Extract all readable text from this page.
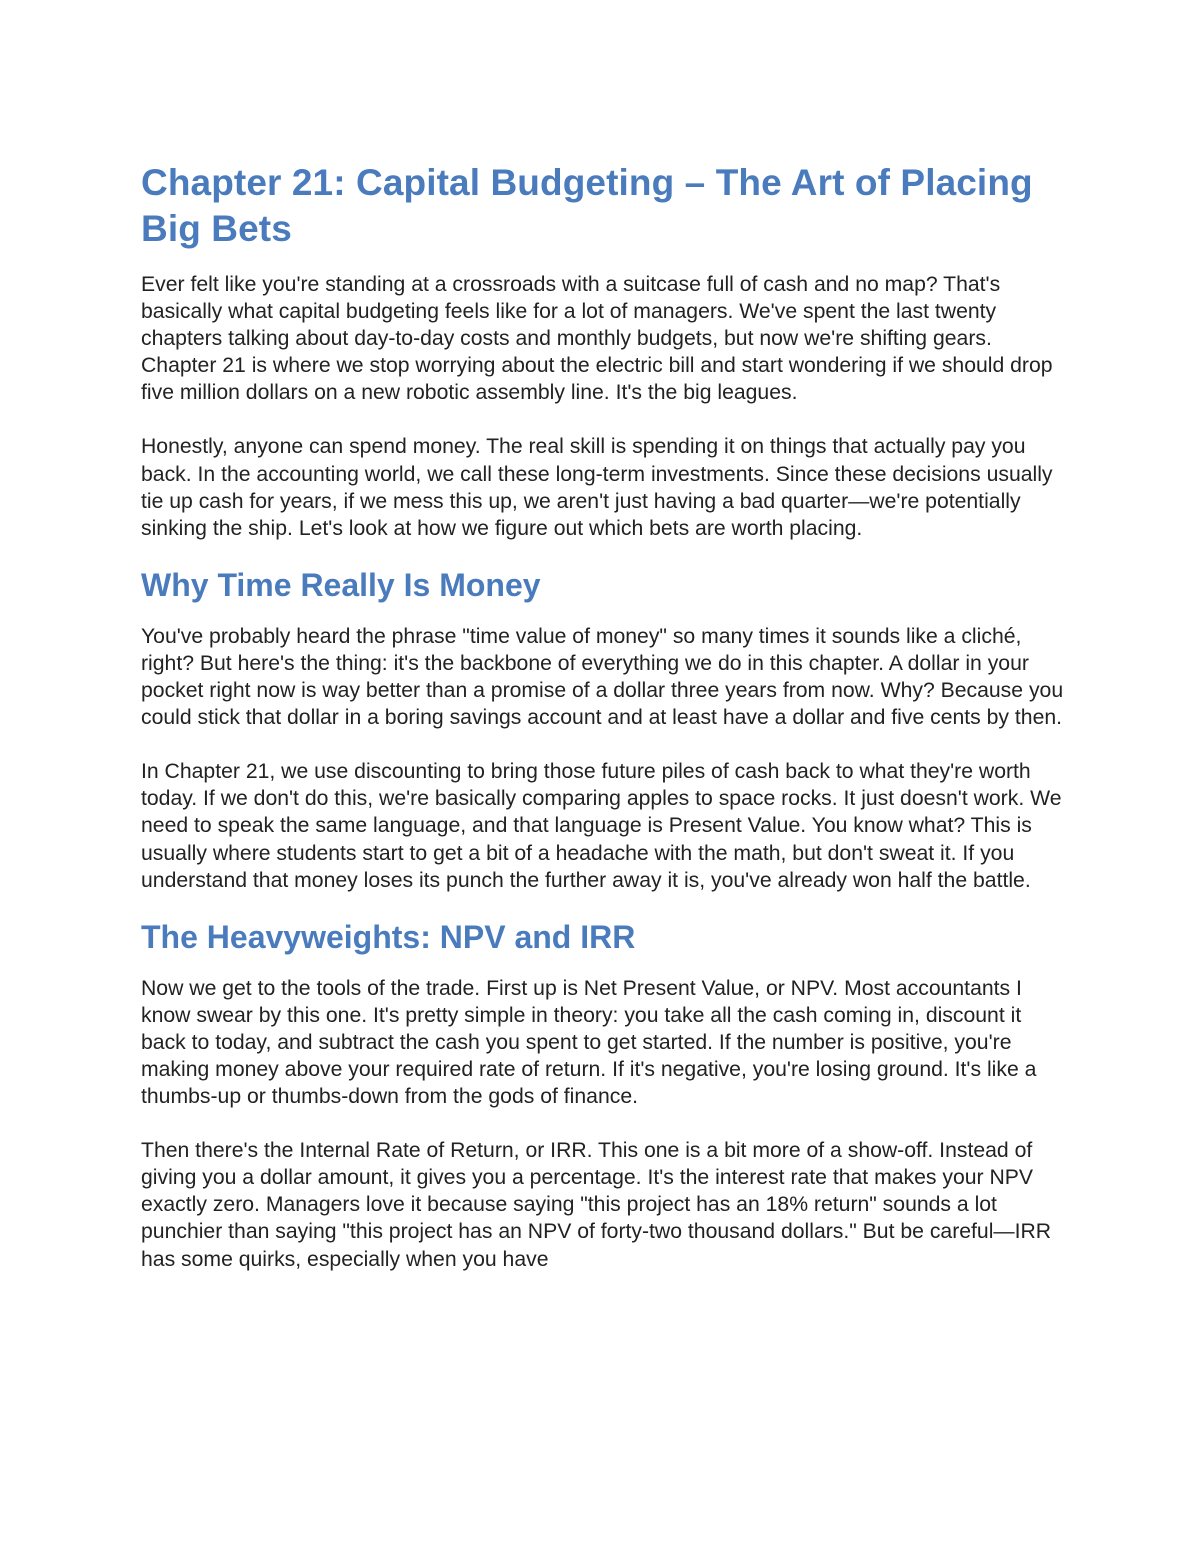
Chapter 21: Capital Budgeting – The Art of Placing Big Bets

Ever felt like you're standing at a crossroads with a suitcase full of cash and no map? That's basically what capital budgeting feels like for a lot of managers. We've spent the last twenty chapters talking about day-to-day costs and monthly budgets, but now we're shifting gears. Chapter 21 is where we stop worrying about the electric bill and start wondering if we should drop five million dollars on a new robotic assembly line. It's the big leagues.

Honestly, anyone can spend money. The real skill is spending it on things that actually pay you back. In the accounting world, we call these long-term investments. Since these decisions usually tie up cash for years, if we mess this up, we aren't just having a bad quarter—we're potentially sinking the ship. Let's look at how we figure out which bets are worth placing.

Why Time Really Is Money

You've probably heard the phrase "time value of money" so many times it sounds like a cliché, right? But here's the thing: it's the backbone of everything we do in this chapter. A dollar in your pocket right now is way better than a promise of a dollar three years from now. Why? Because you could stick that dollar in a boring savings account and at least have a dollar and five cents by then.

In Chapter 21, we use discounting to bring those future piles of cash back to what they're worth today. If we don't do this, we're basically comparing apples to space rocks. It just doesn't work. We need to speak the same language, and that language is Present Value. You know what? This is usually where students start to get a bit of a headache with the math, but don't sweat it. If you understand that money loses its punch the further away it is, you've already won half the battle.

The Heavyweights: NPV and IRR

Now we get to the tools of the trade. First up is Net Present Value, or NPV. Most accountants I know swear by this one. It's pretty simple in theory: you take all the cash coming in, discount it back to today, and subtract the cash you spent to get started. If the number is positive, you're making money above your required rate of return. If it's negative, you're losing ground. It's like a thumbs-up or thumbs-down from the gods of finance.

Then there's the Internal Rate of Return, or IRR. This one is a bit more of a show-off. Instead of giving you a dollar amount, it gives you a percentage. It's the interest rate that makes your NPV exactly zero. Managers love it because saying "this project has an 18% return" sounds a lot punchier than saying "this project has an NPV of forty-two thousand dollars." But be careful—IRR has some quirks, especially when you have
